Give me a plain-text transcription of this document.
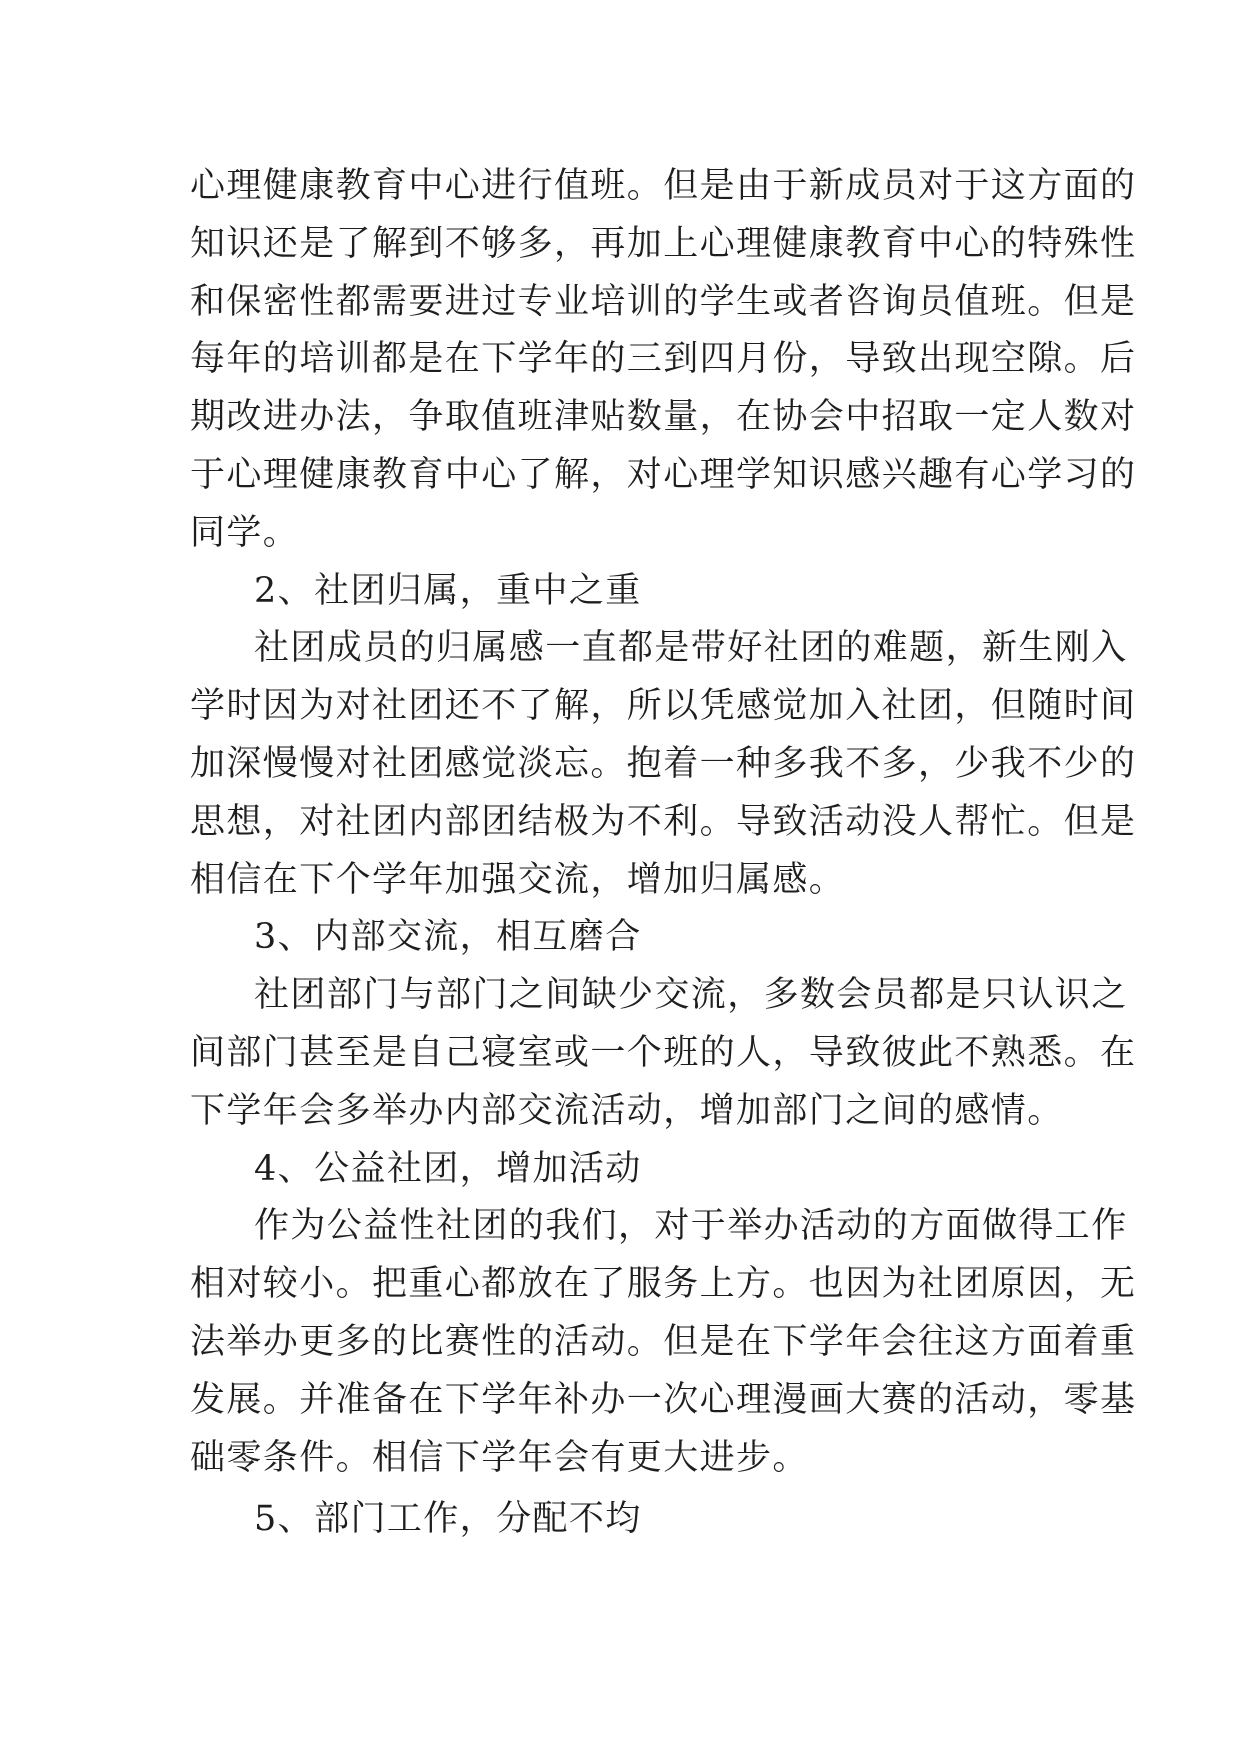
心理健康教育中心进行值班。但是由于新成员对于这方面的
知识还是了解到不够多，再加上心理健康教育中心的特殊性
和保密性都需要进过专业培训的学生或者咨询员值班。但是
每年的培训都是在下学年的三到四月份，导致出现空隙。后
期改进办法，争取值班津贴数量，在协会中招取一定人数对
于心理健康教育中心了解，对心理学知识感兴趣有心学习的
同学。
2、社团归属，重中之重
社团成员的归属感一直都是带好社团的难题，新生刚入
学时因为对社团还不了解，所以凭感觉加入社团，但随时间
加深慢慢对社团感觉淡忘。抱着一种多我不多，少我不少的
思想，对社团内部团结极为不利。导致活动没人帮忙。但是
相信在下个学年加强交流，增加归属感。
3、内部交流，相互磨合
社团部门与部门之间缺少交流，多数会员都是只认识之
间部门甚至是自己寝室或一个班的人，导致彼此不熟悉。在
下学年会多举办内部交流活动，增加部门之间的感情。
4、公益社团，增加活动
作为公益性社团的我们，对于举办活动的方面做得工作
相对较小。把重心都放在了服务上方。也因为社团原因，无
法举办更多的比赛性的活动。但是在下学年会往这方面着重
发展。并准备在下学年补办一次心理漫画大赛的活动，零基
础零条件。相信下学年会有更大进步。
5、部门工作，分配不均
